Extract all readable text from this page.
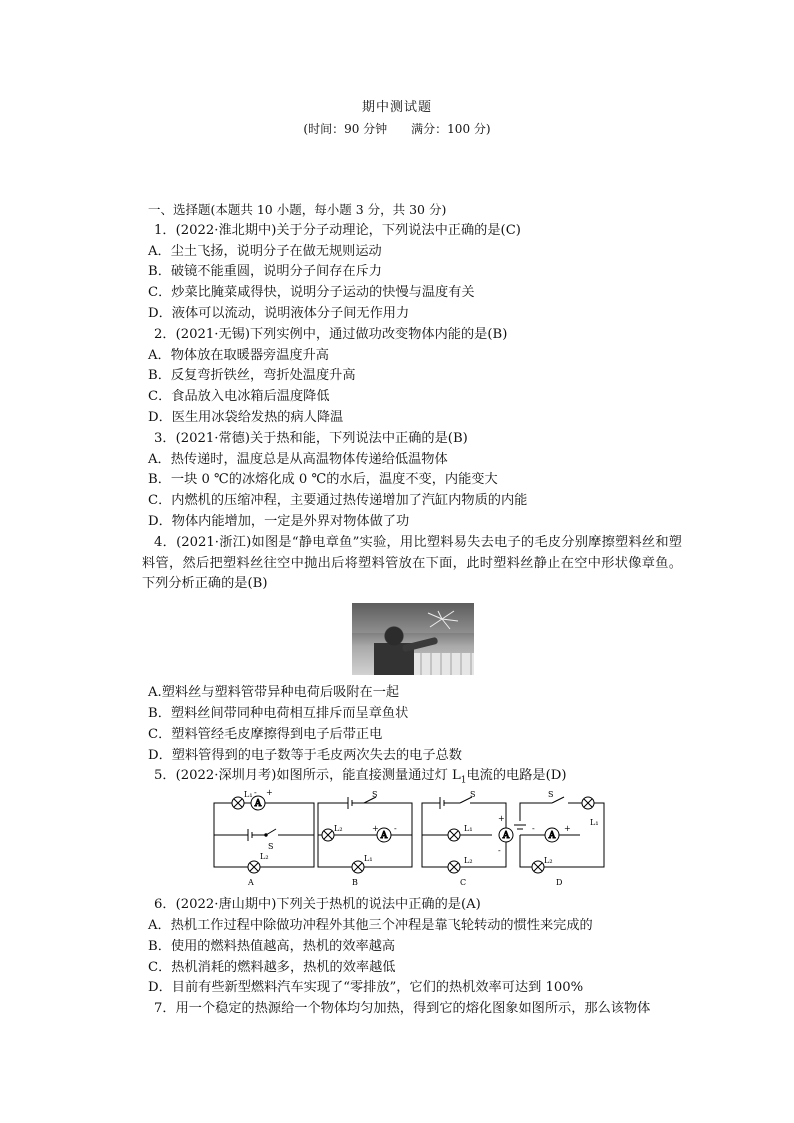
期中测试题
(时间：90 分钟　　满分：100 分)
一、选择题(本题共 10 小题，每小题 3 分，共 30 分)
1．(2022·淮北期中)关于分子动理论，下列说法中正确的是(C)
A．尘土飞扬，说明分子在做无规则运动
B．破镜不能重圆，说明分子间存在斥力
C．炒菜比腌菜咸得快，说明分子运动的快慢与温度有关
D．液体可以流动，说明液体分子间无作用力
2．(2021·无锡)下列实例中，通过做功改变物体内能的是(B)
A．物体放在取暖器旁温度升高
B．反复弯折铁丝，弯折处温度升高
C．食品放入电冰箱后温度降低
D．医生用冰袋给发热的病人降温
3．(2021·常德)关于热和能，下列说法中正确的是(B)
A．热传递时，温度总是从高温物体传递给低温物体
B．一块 0 ℃的冰熔化成 0 ℃的水后，温度不变，内能变大
C．内燃机的压缩冲程，主要通过热传递增加了汽缸内物质的内能
D．物体内能增加，一定是外界对物体做了功
4．(2021·浙江)如图是“静电章鱼”实验，用比塑料易失去电子的毛皮分别摩擦塑料丝和塑料管，然后把塑料丝往空中抛出后将塑料管放在下面，此时塑料丝静止在空中形状像章鱼。下列分析正确的是(B)
A.塑料丝与塑料管带异种电荷后吸附在一起
B．塑料丝间带同种电荷相互排斥而呈章鱼状
C．塑料管经毛皮摩擦得到电子后带正电
D．塑料管得到的电子数等于毛皮两次失去的电子总数
5．(2022·深圳月考)如图所示，能直接测量通过灯 $L_1$电流的电路是(D)
A	L₁ - +
S
L₂
A
S
L₂	+ -
L₁
B
S
+
-
L₁
L₂
C
S
-	+
L₁
L₂
D
6．(2022·唐山期中)下列关于热机的说法中正确的是(A)
A．热机工作过程中除做功冲程外其他三个冲程是靠飞轮转动的惯性来完成的
B．使用的燃料热值越高，热机的效率越高
C．热机消耗的燃料越多，热机的效率越低
D．目前有些新型燃料汽车实现了“零排放”，它们的热机效率可达到 100%
7．用一个稳定的热源给一个物体均匀加热，得到它的熔化图象如图所示，那么该物体
